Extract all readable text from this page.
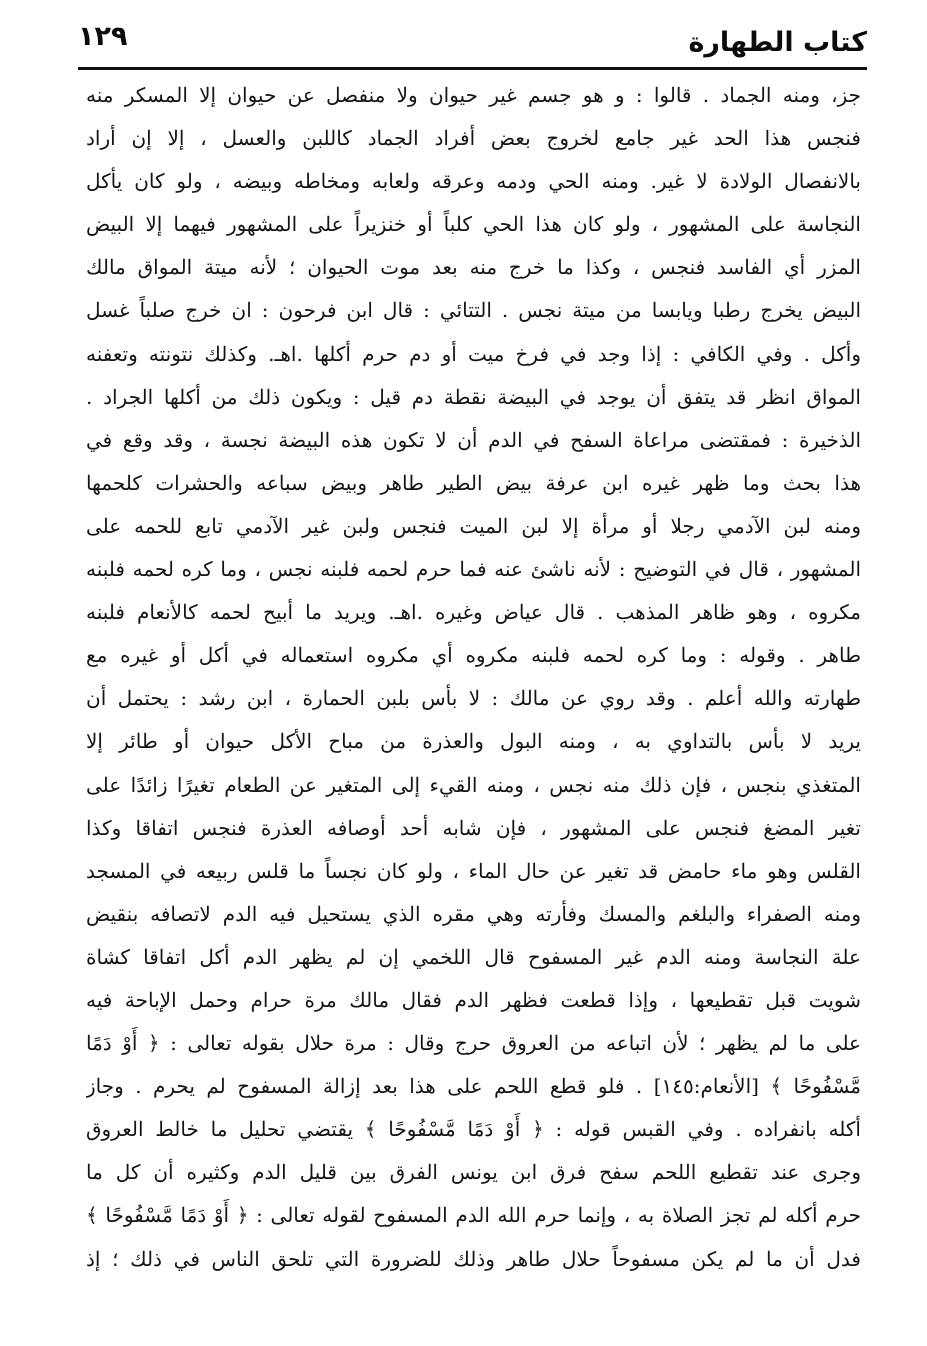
كتاب الطهارة
١٢٩
جز، ومنه الجماد . قالوا : و هو جسم غير حيوان ولا منفصل عن حيوان إلا المسكر منه
فنجس هذا الحد غير جامع لخروج بعض أفراد الجماد كاللبن والعسل ، إلا إن أراد
بالانفصال الولادة لا غير. ومنه الحي ودمه وعرقه ولعابه ومخاطه وبيضه ، ولو كان يأكل
النجاسة على المشهور ، ولو كان هذا الحي كلباً أو خنزيراً على المشهور فيهما إلا البيض
المزر أي الفاسد فنجس ، وكذا ما خرج منه بعد موت الحيوان ؛ لأنه ميتة المواق مالك
البيض يخرج رطبا ويابسا من ميتة نجس . التتائي : قال ابن فرحون : ان خرج صلباً غسل
وأكل . وفي الكافي : إذا وجد في فرخ ميت أو دم حرم أكلها .اهـ. وكذلك نتونته وتعفنه
المواق انظر قد يتفق أن يوجد في البيضة نقطة دم قيل : ويكون ذلك من أكلها الجراد .
الذخيرة : فمقتضى مراعاة السفح في الدم أن لا تكون هذه البيضة نجسة ، وقد وقع في
هذا بحث وما ظهر غيره ابن عرفة بيض الطير طاهر وبيض سباعه والحشرات كلحمها
ومنه لبن الآدمي رجلا أو مرأة إلا لبن الميت فنجس ولبن غير الآدمي تابع للحمه على
المشهور ، قال في التوضيح : لأنه ناشئ عنه فما حرم لحمه فلبنه نجس ، وما كره لحمه فلبنه
مكروه ، وهو ظاهر المذهب . قال عياض وغيره .اهـ. ويريد ما أبيح لحمه كالأنعام فلبنه
طاهر . وقوله : وما كره لحمه فلبنه مكروه أي مكروه استعماله في أكل أو غيره مع
طهارته والله أعلم . وقد روي عن مالك : لا بأس بلبن الحمارة ، ابن رشد : يحتمل أن
يريد لا بأس بالتداوي به ، ومنه البول والعذرة من مباح الأكل حيوان أو طائر إلا
المتغذي بنجس ، فإن ذلك منه نجس ، ومنه القيء إلى المتغير عن الطعام تغيرًا زائدًا على
تغير المضغ فنجس على المشهور ، فإن شابه أحد أوصافه العذرة فنجس اتفاقا وكذا
القلس وهو ماء حامض قد تغير عن حال الماء ، ولو كان نجساً ما قلس ربيعه في المسجد
ومنه الصفراء والبلغم والمسك وفأرته وهي مقره الذي يستحيل فيه الدم لاتصافه بنقيض
علة النجاسة ومنه الدم غير المسفوح قال اللخمي إن لم يظهر الدم أكل اتفاقا كشاة
شويت قبل تقطيعها ، وإذا قطعت فظهر الدم فقال مالك مرة حرام وحمل الإباحة فيه
على ما لم يظهر ؛ لأن اتباعه من العروق حرج وقال : مرة حلال بقوله تعالى : ﴿ أَوْ دَمًا
مَّسْفُوحًا ﴾ [الأنعام:١٤٥] . فلو قطع اللحم على هذا بعد إزالة المسفوح لم يحرم . وجاز
أكله بانفراده . وفي القبس قوله : ﴿ أَوْ دَمًا مَّسْفُوحًا ﴾ يقتضي تحليل ما خالط العروق
وجرى عند تقطيع اللحم سفح فرق ابن يونس الفرق بين قليل الدم وكثيره أن كل ما
حرم أكله لم تجز الصلاة به ، وإنما حرم الله الدم المسفوح لقوله تعالى : ﴿ أَوْ دَمًا مَّسْفُوحًا ﴾
فدل أن ما لم يكن مسفوحاً حلال طاهر وذلك للضرورة التي تلحق الناس في ذلك ؛ إذ
